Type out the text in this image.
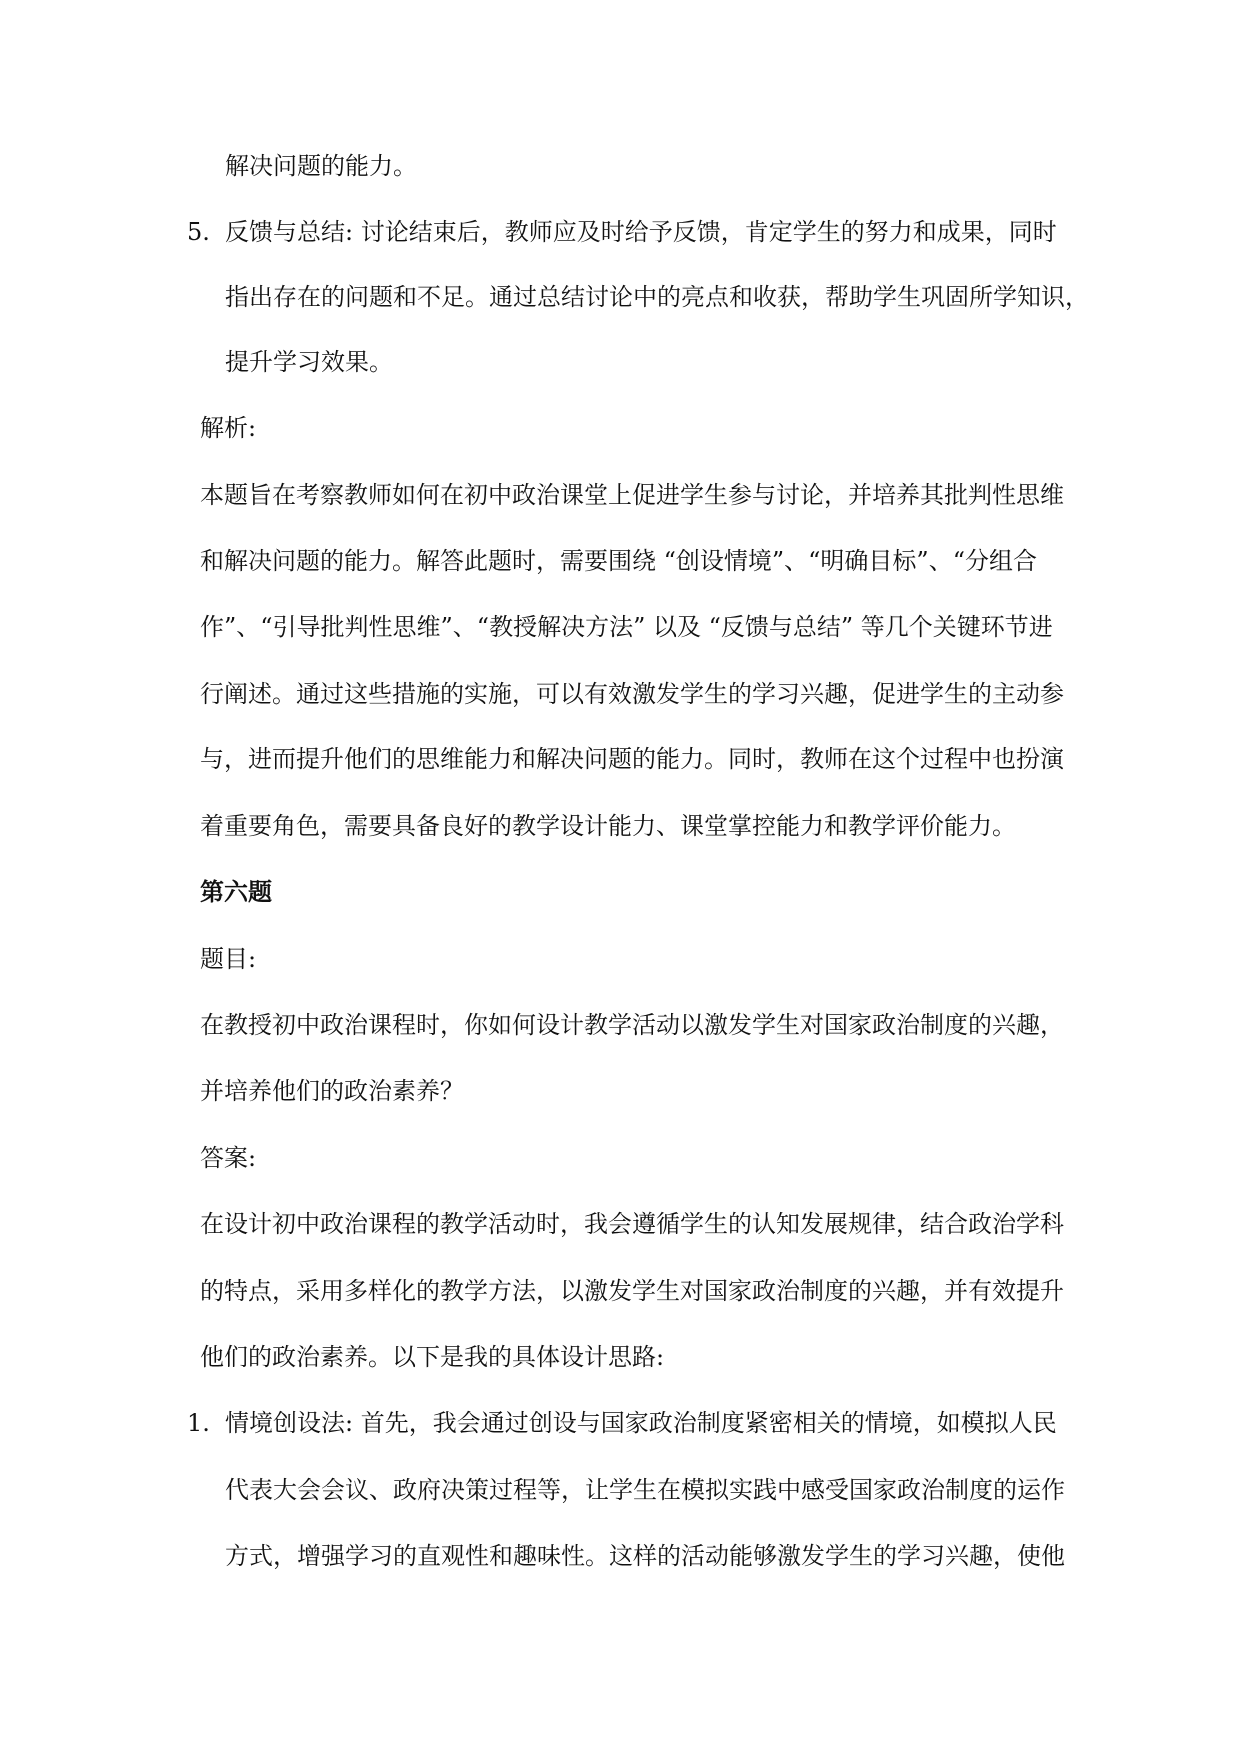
解决问题的能力。
5. 反馈与总结: 讨论结束后，教师应及时给予反馈，肯定学生的努力和成果，同时
指出存在的问题和不足。通过总结讨论中的亮点和收获，帮助学生巩固所学知识，
提升学习效果。
解析:
本题旨在考察教师如何在初中政治课堂上促进学生参与讨论，并培养其批判性思维
和解决问题的能力。解答此题时，需要围绕 “创设情境”、“明确目标”、“分组合
作”、“引导批判性思维”、“教授解决方法” 以及 “反馈与总结” 等几个关键环节进
行阐述。通过这些措施的实施，可以有效激发学生的学习兴趣，促进学生的主动参
与，进而提升他们的思维能力和解决问题的能力。同时，教师在这个过程中也扮演
着重要角色，需要具备良好的教学设计能力、课堂掌控能力和教学评价能力。
第六题
题目:
在教授初中政治课程时，你如何设计教学活动以激发学生对国家政治制度的兴趣，
并培养他们的政治素养？
答案:
在设计初中政治课程的教学活动时，我会遵循学生的认知发展规律，结合政治学科
的特点，采用多样化的教学方法，以激发学生对国家政治制度的兴趣，并有效提升
他们的政治素养。以下是我的具体设计思路:
1. 情境创设法: 首先，我会通过创设与国家政治制度紧密相关的情境，如模拟人民
代表大会会议、政府决策过程等，让学生在模拟实践中感受国家政治制度的运作
方式，增强学习的直观性和趣味性。这样的活动能够激发学生的学习兴趣，使他
